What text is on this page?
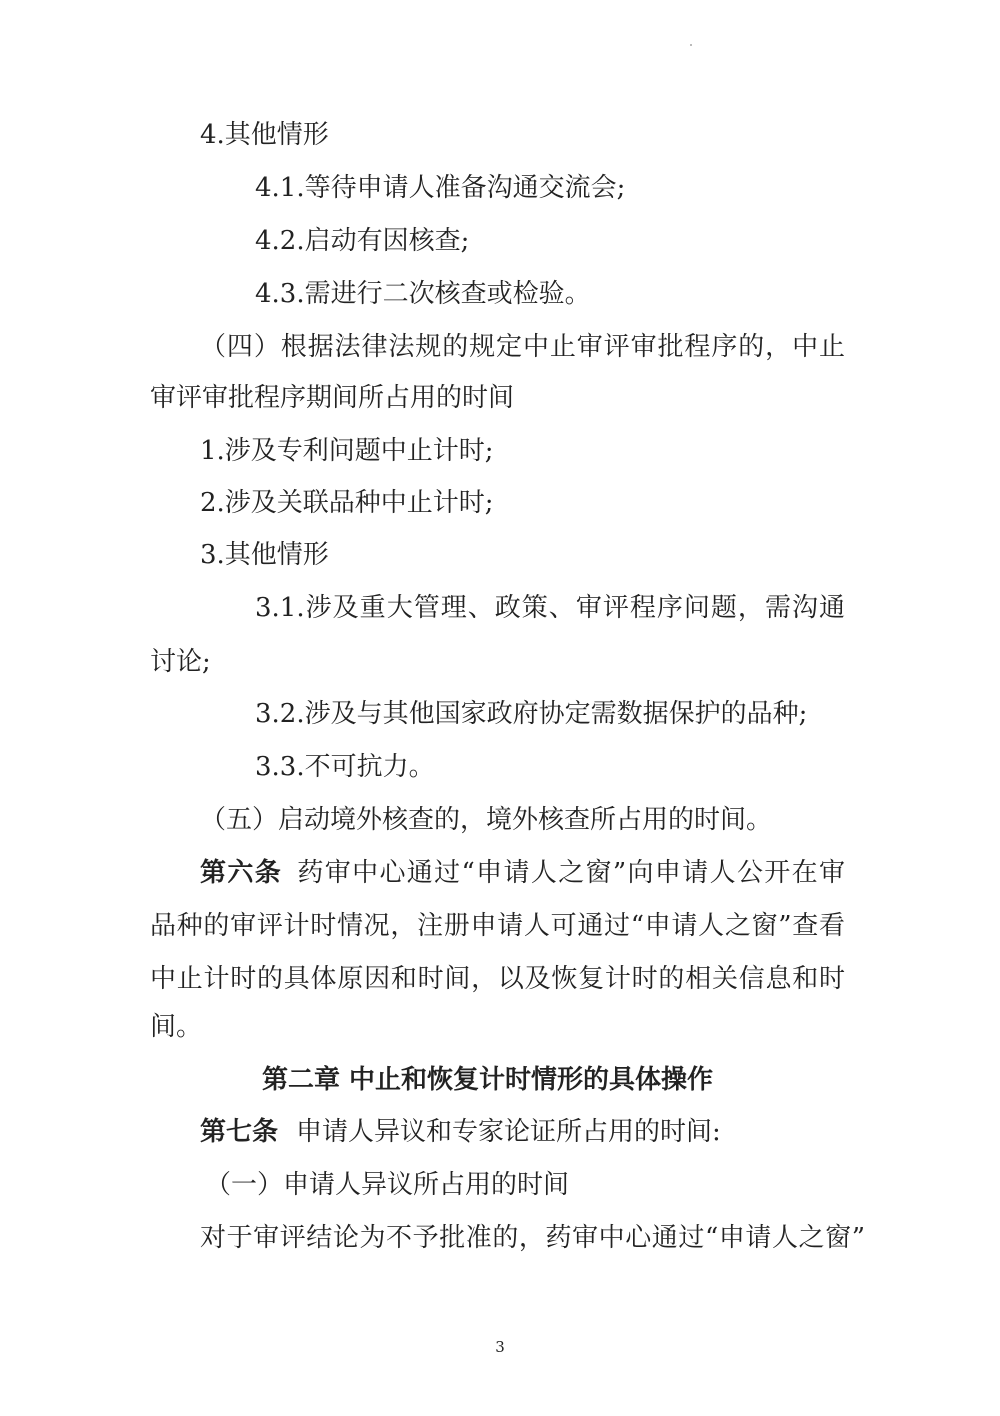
4.其他情形
4.1.等待申请人准备沟通交流会;
4.2.启动有因核查;
4.3.需进行二次核查或检验。
（四）根据法律法规的规定中止审评审批程序的，中止
审评审批程序期间所占用的时间
1.涉及专利问题中止计时;
2.涉及关联品种中止计时;
3.其他情形
3.1.涉及重大管理、政策、审评程序问题，需沟通
讨论;
3.2.涉及与其他国家政府协定需数据保护的品种;
3.3.不可抗力。
（五）启动境外核查的，境外核查所占用的时间。
第六条 药审中心通过“申请人之窗”向申请人公开在审
品种的审评计时情况，注册申请人可通过“申请人之窗”查看
中止计时的具体原因和时间，以及恢复计时的相关信息和时
间。
第二章 中止和恢复计时情形的具体操作
第七条 申请人异议和专家论证所占用的时间:
（一）申请人异议所占用的时间
对于审评结论为不予批准的，药审中心通过“申请人之窗”
3
